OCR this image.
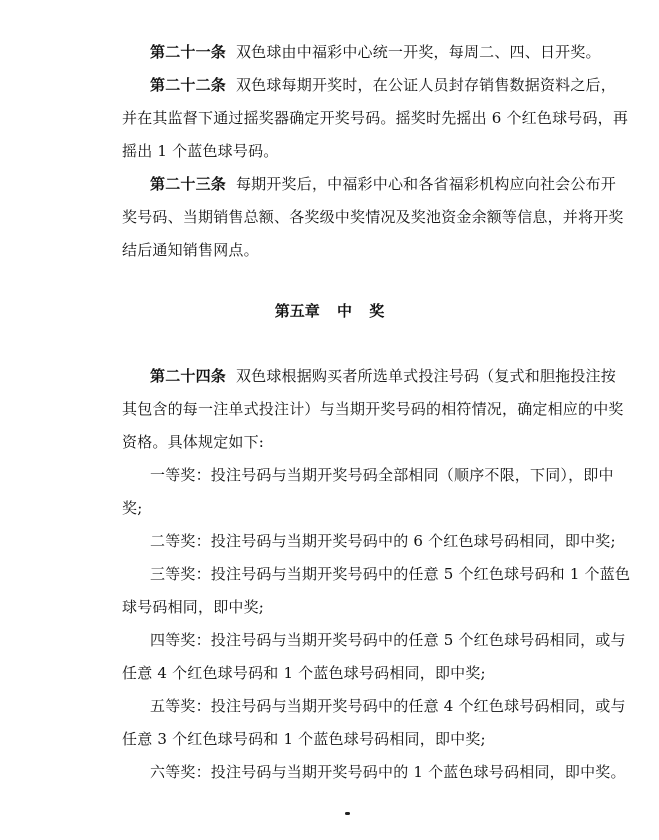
第二十一条 双色球由中福彩中心统一开奖，每周二、四、日开奖。
第二十二条 双色球每期开奖时，在公证人员封存销售数据资料之后，
并在其监督下通过摇奖器确定开奖号码。摇奖时先摇出 6 个红色球号码，再
摇出 1 个蓝色球号码。
第二十三条 每期开奖后，中福彩中心和各省福彩机构应向社会公布开
奖号码、当期销售总额、各奖级中奖情况及奖池资金余额等信息，并将开奖
结后通知销售网点。
第五章 中 奖
第二十四条 双色球根据购买者所选单式投注号码（复式和胆拖投注按
其包含的每一注单式投注计）与当期开奖号码的相符情况，确定相应的中奖
资格。具体规定如下:
一等奖：投注号码与当期开奖号码全部相同（顺序不限，下同），即中
奖;
二等奖：投注号码与当期开奖号码中的 6 个红色球号码相同，即中奖;
三等奖：投注号码与当期开奖号码中的任意 5 个红色球号码和 1 个蓝色
球号码相同，即中奖;
四等奖：投注号码与当期开奖号码中的任意 5 个红色球号码相同，或与
任意 4 个红色球号码和 1 个蓝色球号码相同，即中奖;
五等奖：投注号码与当期开奖号码中的任意 4 个红色球号码相同，或与
任意 3 个红色球号码和 1 个蓝色球号码相同，即中奖;
六等奖：投注号码与当期开奖号码中的 1 个蓝色球号码相同，即中奖。
